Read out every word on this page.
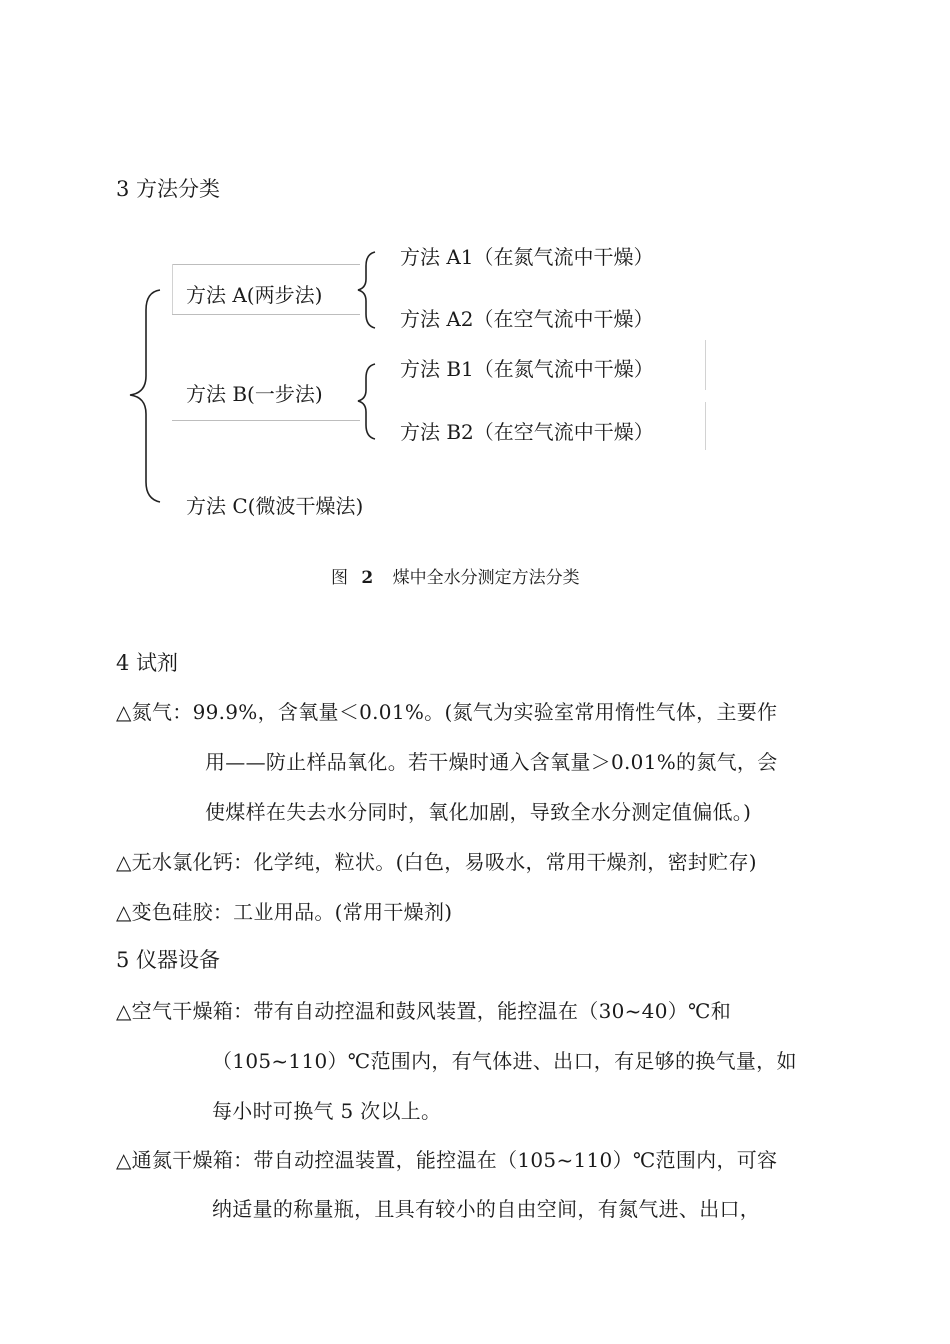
3 方法分类
方法 A(两步法)
方法 A1（在氮气流中干燥）
方法 A2（在空气流中干燥）
方法 B(一步法)
方法 B1（在氮气流中干燥）
方法 B2（在空气流中干燥）
方法 C(微波干燥法)
图 2 煤中全水分测定方法分类
4 试剂
△氮气：99.9%，含氧量＜0.01%。(氮气为实验室常用惰性气体，主要作
用——防止样品氧化。若干燥时通入含氧量＞0.01%的氮气，会
使煤样在失去水分同时，氧化加剧，导致全水分测定值偏低。)
△无水氯化钙：化学纯，粒状。(白色，易吸水，常用干燥剂，密封贮存)
△变色硅胶：工业用品。(常用干燥剂)
5 仪器设备
△空气干燥箱：带有自动控温和鼓风装置，能控温在（30~40）℃和
（105~110）℃范围内，有气体进、出口，有足够的换气量，如
每小时可换气 5 次以上。
△通氮干燥箱：带自动控温装置，能控温在（105~110）℃范围内，可容
纳适量的称量瓶，且具有较小的自由空间，有氮气进、出口，
